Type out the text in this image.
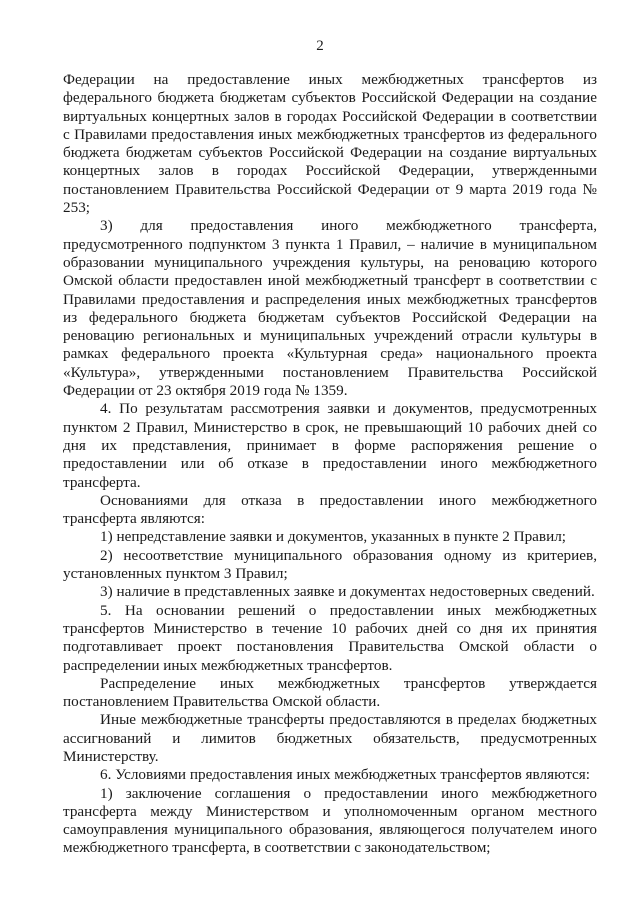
2

Федерации на предоставление иных межбюджетных трансфертов из федерального бюджета бюджетам субъектов Российской Федерации на создание виртуальных концертных залов в городах Российской Федерации в соответствии с Правилами предоставления иных межбюджетных трансфертов из федерального бюджета бюджетам субъектов Российской Федерации на создание виртуальных концертных залов в городах Российской Федерации, утвержденными постановлением Правительства Российской Федерации от 9 марта 2019 года № 253;

3) для предоставления иного межбюджетного трансферта, предусмотренного подпунктом 3 пункта 1 Правил, – наличие в муниципальном образовании муниципального учреждения культуры, на реновацию которого Омской области предоставлен иной межбюджетный трансферт в соответствии с Правилами предоставления и распределения иных межбюджетных трансфертов из федерального бюджета бюджетам субъектов Российской Федерации на реновацию региональных и муниципальных учреждений отрасли культуры в рамках федерального проекта «Культурная среда» национального проекта «Культура», утвержденными постановлением Правительства Российской Федерации от 23 октября 2019 года № 1359.

4. По результатам рассмотрения заявки и документов, предусмотренных пунктом 2 Правил, Министерство в срок, не превышающий 10 рабочих дней со дня их представления, принимает в форме распоряжения решение о предоставлении или об отказе в предоставлении иного межбюджетного трансферта.

Основаниями для отказа в предоставлении иного межбюджетного трансферта являются:

1) непредставление заявки и документов, указанных в пункте 2 Правил;

2) несоответствие муниципального образования одному из критериев, установленных пунктом 3 Правил;

3) наличие в представленных заявке и документах недостоверных сведений.

5. На основании решений о предоставлении иных межбюджетных трансфертов Министерство в течение 10 рабочих дней со дня их принятия подготавливает проект постановления Правительства Омской области о распределении иных межбюджетных трансфертов.

Распределение иных межбюджетных трансфертов утверждается постановлением Правительства Омской области.

Иные межбюджетные трансферты предоставляются в пределах бюджетных ассигнований и лимитов бюджетных обязательств, предусмотренных Министерству.

6. Условиями предоставления иных межбюджетных трансфертов являются:

1) заключение соглашения о предоставлении иного межбюджетного трансферта между Министерством и уполномоченным органом местного самоуправления муниципального образования, являющегося получателем иного межбюджетного трансферта, в соответствии с законодательством;
